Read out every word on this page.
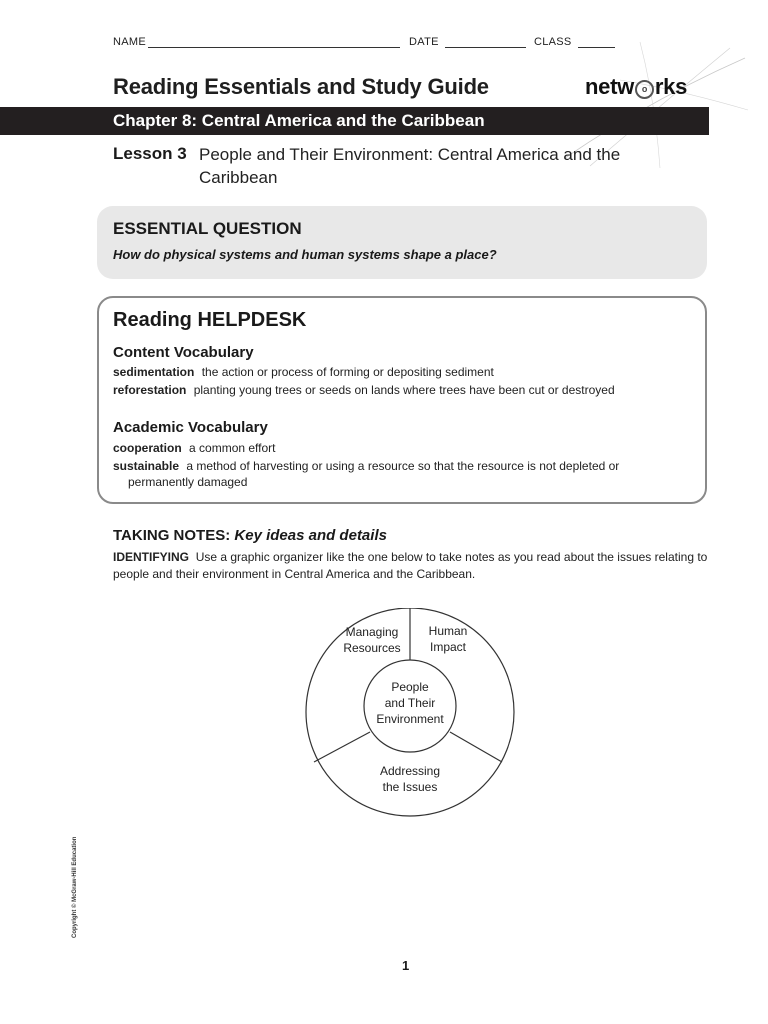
NAME	DATE	CLASS
Reading Essentials and Study Guide	netw o rks
Chapter 8: Central America and the Caribbean
Lesson 3 People and Their Environment: Central America and the Caribbean
ESSENTIAL QUESTION
How do physical systems and human systems shape a place?
Reading HELPDESK
Content Vocabulary
sedimentation the action or process of forming or depositing sediment
reforestation planting young trees or seeds on lands where trees have been cut or destroyed
Academic Vocabulary
cooperation a common effort
sustainable a method of harvesting or using a resource so that the resource is not depleted or
permanently damaged
TAKING NOTES: Key ideas and details
IDENTIFYING Use a graphic organizer like the one below to take notes as you read about the issues relating to people and their environment in Central America and the Caribbean.
Managing
Resources
Human
Impact
People
and Their
Environment
Addressing
the Issues
Copyright © McGraw-Hill Education
1
